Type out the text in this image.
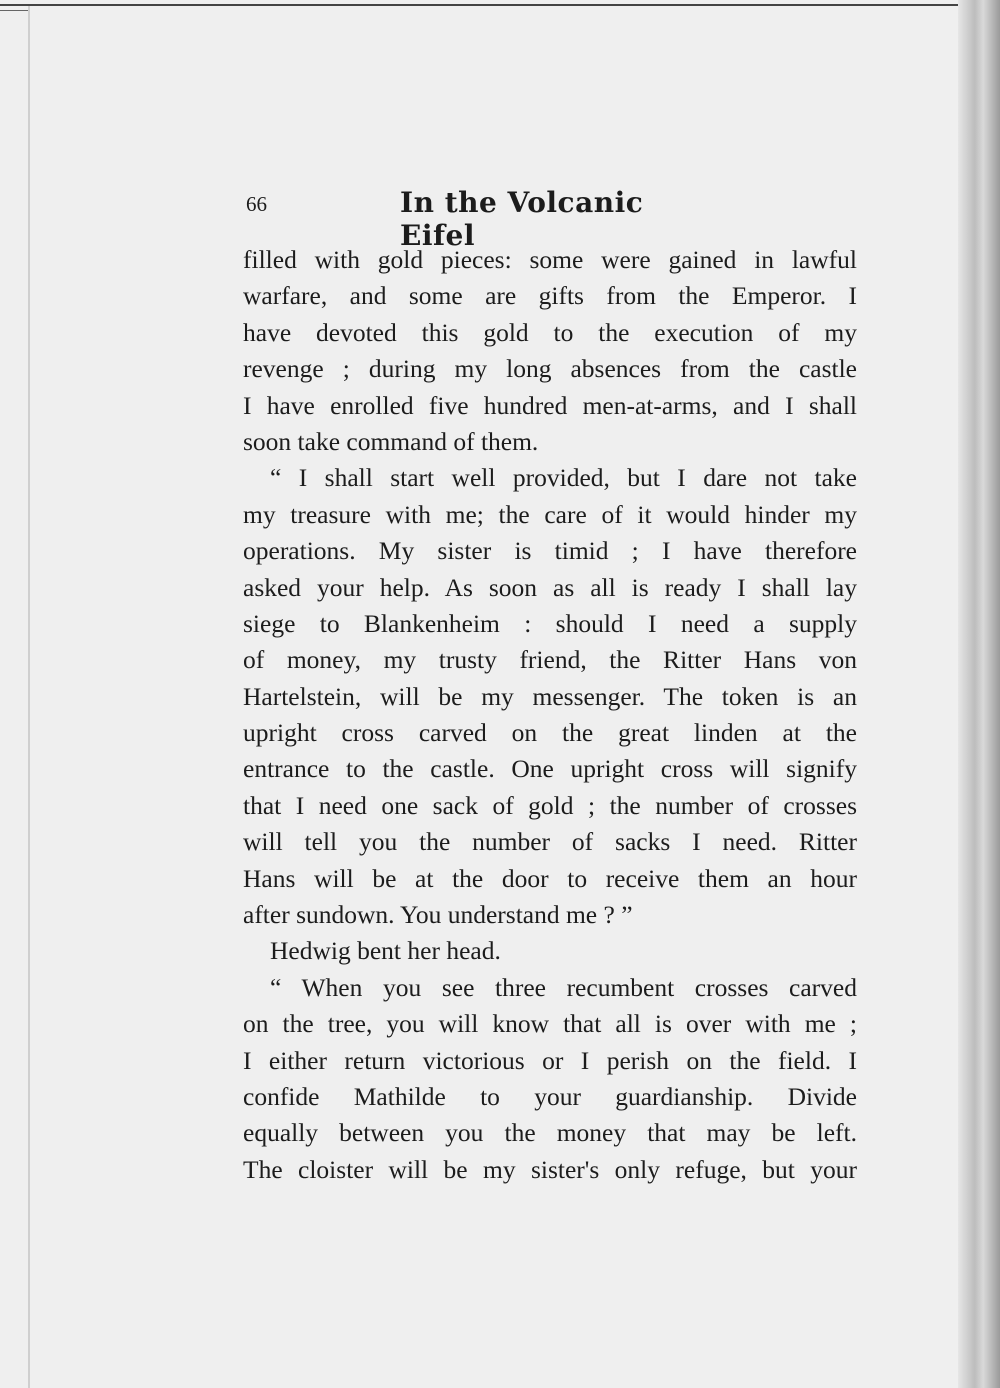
66	In the Volcanic Eifel
filled with gold pieces: some were gained in lawful
warfare, and some are gifts from the Emperor. I
have devoted this gold to the execution of my
revenge ; during my long absences from the castle
I have enrolled five hundred men-at-arms, and I shall
soon take command of them.
“ I shall start well provided, but I dare not take
my treasure with me; the care of it would hinder my
operations. My sister is timid ; I have therefore
asked your help. As soon as all is ready I shall lay
siege to Blankenheim : should I need a supply
of money, my trusty friend, the Ritter Hans von
Hartelstein, will be my messenger. The token is an
upright cross carved on the great linden at the
entrance to the castle. One upright cross will signify
that I need one sack of gold ; the number of crosses
will tell you the number of sacks I need. Ritter
Hans will be at the door to receive them an hour
after sundown. You understand me ? ”
Hedwig bent her head.
“ When you see three recumbent crosses carved
on the tree, you will know that all is over with me ;
I either return victorious or I perish on the field. I
confide Mathilde to your guardianship. Divide
equally between you the money that may be left.
The cloister will be my sister's only refuge, but your
